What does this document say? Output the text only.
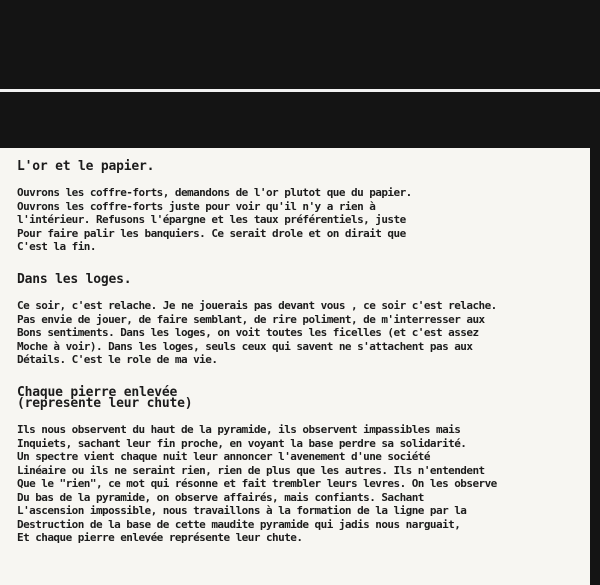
L'or et le papier.
Ouvrons les coffre-forts, demandons de l'or plutot que du papier.
Ouvrons les coffre-forts juste pour voir qu'il n'y a rien à
l'intérieur. Refusons l'épargne et les taux préférentiels, juste
Pour faire palir les banquiers. Ce serait drole et on dirait que
C'est la fin.
Dans les loges.
Ce soir, c'est relache. Je ne jouerais pas devant vous , ce soir c'est relache.
Pas envie de jouer, de faire semblant, de rire poliment, de m'interresser aux
Bons sentiments. Dans les loges, on voit toutes les ficelles (et c'est assez
Moche à voir). Dans les loges, seuls ceux qui savent ne s'attachent pas aux
Détails. C'est le role de ma vie.
Chaque pierre enlevée
(represente leur chute)
Ils nous observent du haut de la pyramide, ils observent impassibles mais
Inquiets, sachant leur fin proche, en voyant la base perdre sa solidarité.
Un spectre vient chaque nuit leur annoncer l'avenement d'une société
Linéaire ou ils ne seraint rien, rien de plus que les autres. Ils n'entendent
Que le "rien", ce mot qui résonne et fait trembler leurs levres. On les observe
Du bas de la pyramide, on observe affairés, mais confiants. Sachant
L'ascension impossible, nous travaillons à la formation de la ligne par la
Destruction de la base de cette maudite pyramide qui jadis nous narguait,
Et chaque pierre enlevée représente leur chute.
